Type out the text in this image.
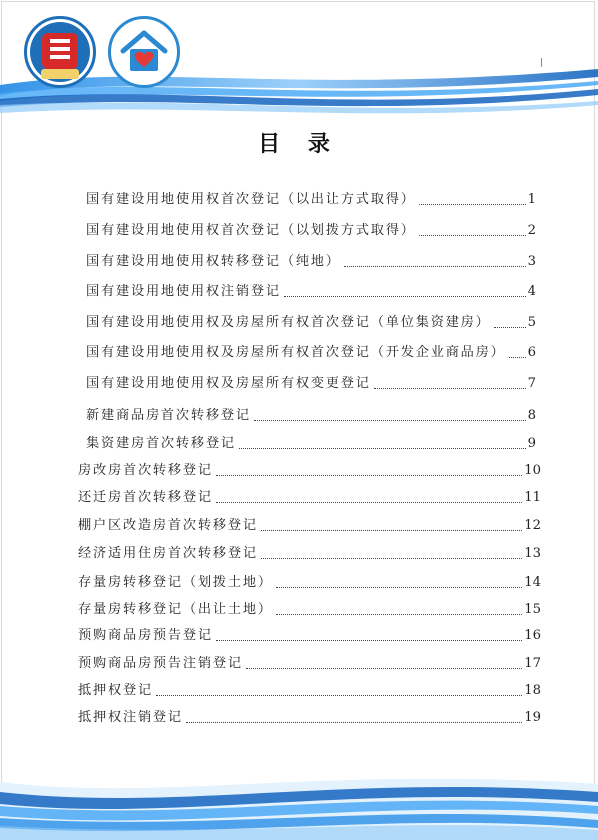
目 录
国有建设用地使用权首次登记（以出让方式取得）	1
国有建设用地使用权首次登记（以划拨方式取得）	2
国有建设用地使用权转移登记（纯地）	3
国有建设用地使用权注销登记	4
国有建设用地使用权及房屋所有权首次登记（单位集资建房）	5
国有建设用地使用权及房屋所有权首次登记（开发企业商品房） 6
国有建设用地使用权及房屋所有权变更登记	7
新建商品房首次转移登记	8
集资建房首次转移登记	9
房改房首次转移登记	10
还迁房首次转移登记	11
棚户区改造房首次转移登记	12
经济适用住房首次转移登记	13
存量房转移登记（划拨土地）	14
存量房转移登记（出让土地）	15
预购商品房预告登记	16
预购商品房预告注销登记	17
抵押权登记	18
抵押权注销登记	19
